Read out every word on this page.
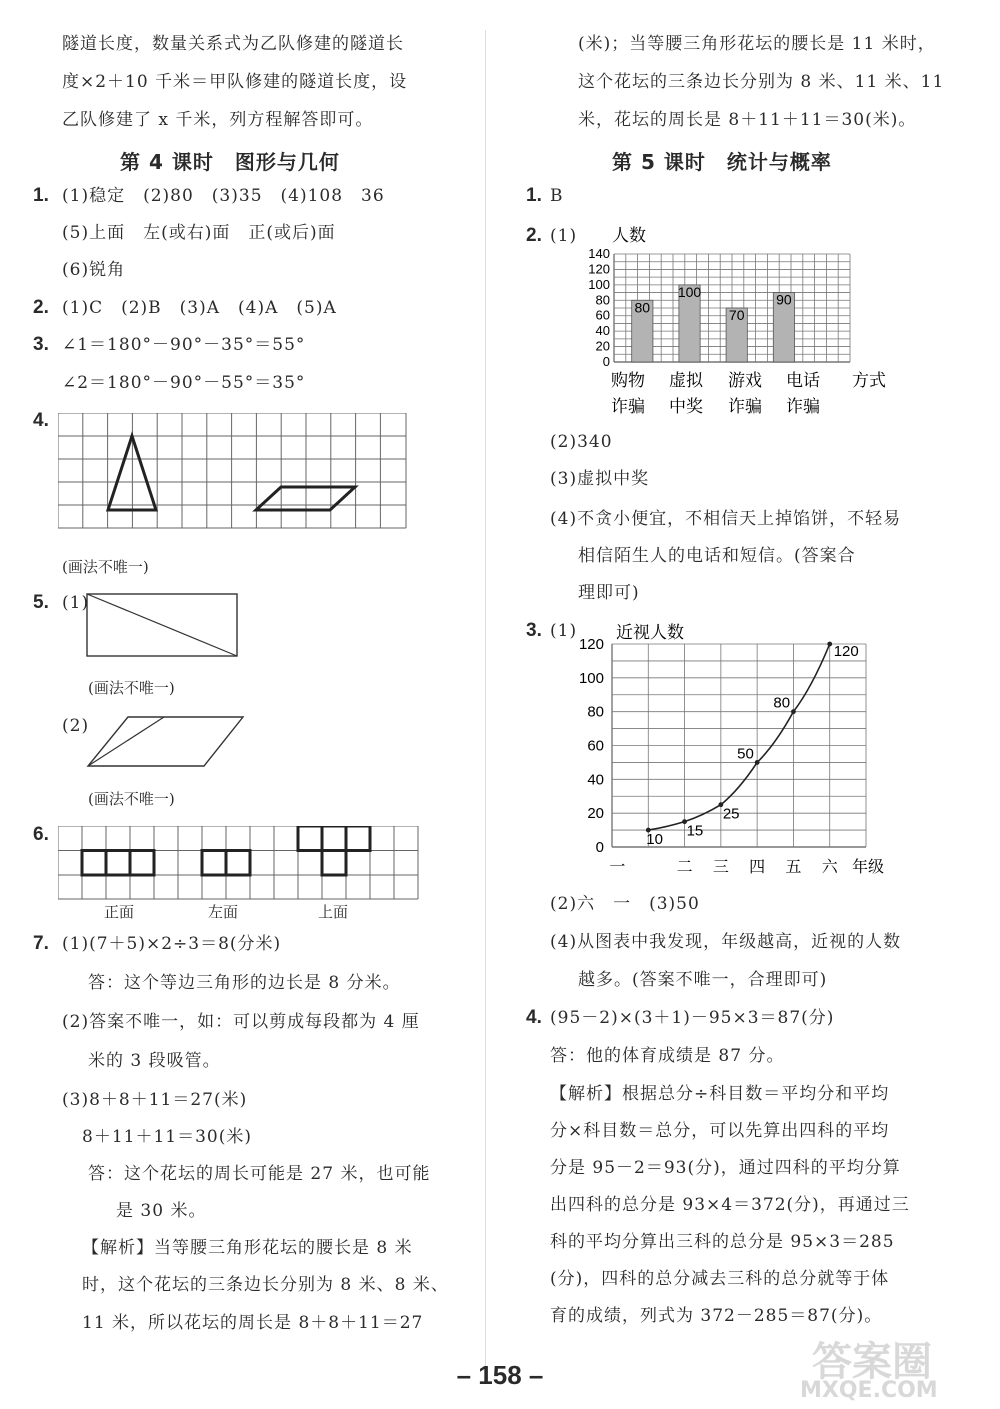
隧道长度，数量关系式为乙队修建的隧道长
度×2＋10 千米＝甲队修建的隧道长度，设
乙队修建了 x 千米，列方程解答即可。
第 4 课时　图形与几何
1. (1)稳定　(2)80　(3)35　(4)108　36
(5)上面　左(或右)面　正(或后)面
(6)锐角
2. (1)C　(2)B　(3)A　(4)A　(5)A
3. ∠1＝180°－90°－35°＝55°
∠2＝180°－90°－55°＝35°
4.
(画法不唯一)
5. (1)
(画法不唯一)
(2)
(画法不唯一)
6.
正面	左面	上面
7. (1)(7＋5)×2÷3＝8(分米)
答：这个等边三角形的边长是 8 分米。
(2)答案不唯一，如：可以剪成每段都为 4 厘
米的 3 段吸管。
(3)8＋8＋11＝27(米)
8＋11＋11＝30(米)
答：这个花坛的周长可能是 27 米，也可能
是 30 米。
【解析】当等腰三角形花坛的腰长是 8 米
时，这个花坛的三条边长分别为 8 米、8 米、
11 米，所以花坛的周长是 8＋8＋11＝27
(米)；当等腰三角形花坛的腰长是 11 米时，
这个花坛的三条边长分别为 8 米、11 米、11
米，花坛的周长是 8＋11＋11＝30(米)。
第 5 课时　统计与概率
1. B
2. (1) 人数
0
20
40
60
80
100
120
140
80
100
70
90
购物
诈骗
虚拟
中奖
游戏
诈骗
电话
诈骗
方式
(2)340
(3)虚拟中奖
(4)不贪小便宜，不相信天上掉馅饼，不轻易
相信陌生人的电话和短信。(答案合
理即可)
3. (1) 近视人数
0
20
40
60
80
100
120
10 15
25
50
80
120
一	二 三 四 五 六 年级
(2)六　一　(3)50
(4)从图表中我发现，年级越高，近视的人数
越多。(答案不唯一，合理即可)
4. (95－2)×(3＋1)－95×3＝87(分)
答：他的体育成绩是 87 分。
【解析】根据总分÷科目数＝平均分和平均
分×科目数＝总分，可以先算出四科的平均
分是 95－2＝93(分)，通过四科的平均分算
出四科的总分是 93×4＝372(分)，再通过三
科的平均分算出三科的总分是 95×3＝285
(分)，四科的总分减去三科的总分就等于体
育的成绩，列式为 372－285＝87(分)。
– 158 –	答案圈
MXQE.COM
